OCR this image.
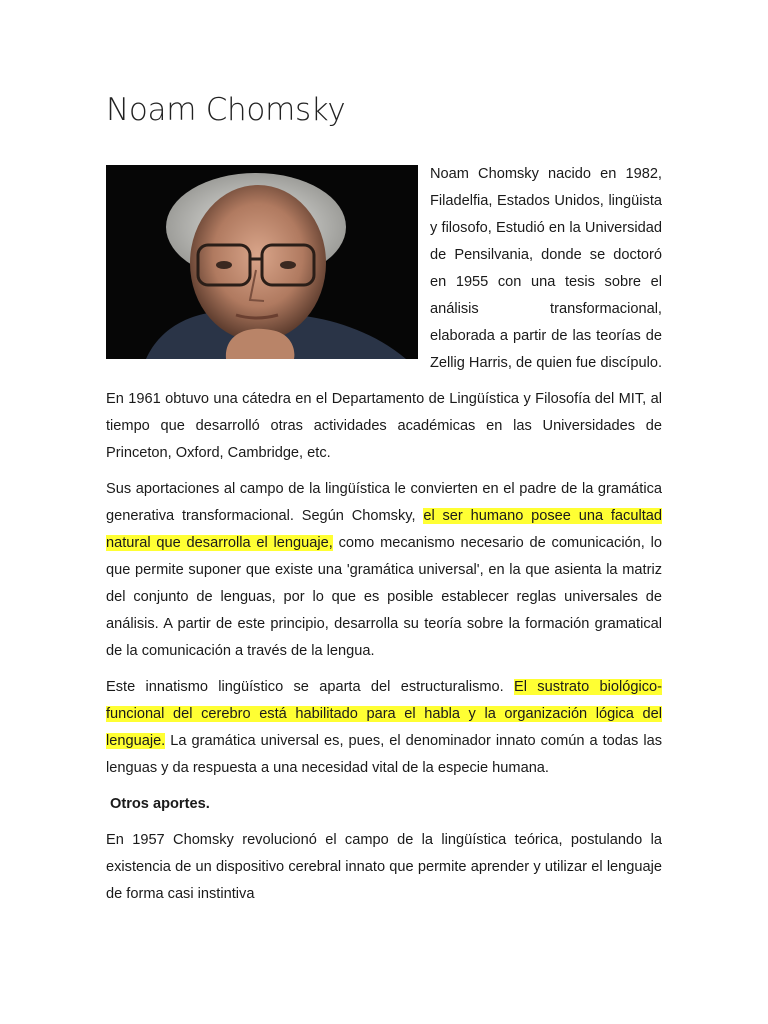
Noam Chomsky

Noam Chomsky nacido en 1982, Filadelfia, Estados Unidos, lingüista y filosofo, Estudió en la Universidad de Pensilvania, donde se doctoró en 1955 con una tesis sobre el análisis transformacional, elaborada a partir de las teorías de Zellig Harris, de quien fue discípulo.

En 1961 obtuvo una cátedra en el Departamento de Lingüística y Filosofía del MIT, al tiempo que desarrolló otras actividades académicas en las Universidades de Princeton, Oxford, Cambridge, etc.

Sus aportaciones al campo de la lingüística le convierten en el padre de la gramática generativa transformacional. Según Chomsky, el ser humano posee una facultad natural que desarrolla el lenguaje, como mecanismo necesario de comunicación, lo que permite suponer que existe una 'gramática universal', en la que asienta la matriz del conjunto de lenguas, por lo que es posible establecer reglas universales de análisis. A partir de este principio, desarrolla su teoría sobre la formación gramatical de la comunicación a través de la lengua.

Este innatismo lingüístico se aparta del estructuralismo. El sustrato biológico-funcional del cerebro está habilitado para el habla y la organización lógica del lenguaje. La gramática universal es, pues, el denominador innato común a todas las lenguas y da respuesta a una necesidad vital de la especie humana.

Otros aportes.

En 1957 Chomsky revolucionó el campo de la lingüística teórica, postulando la existencia de un dispositivo cerebral innato que permite aprender y utilizar el lenguaje de forma casi instintiva
